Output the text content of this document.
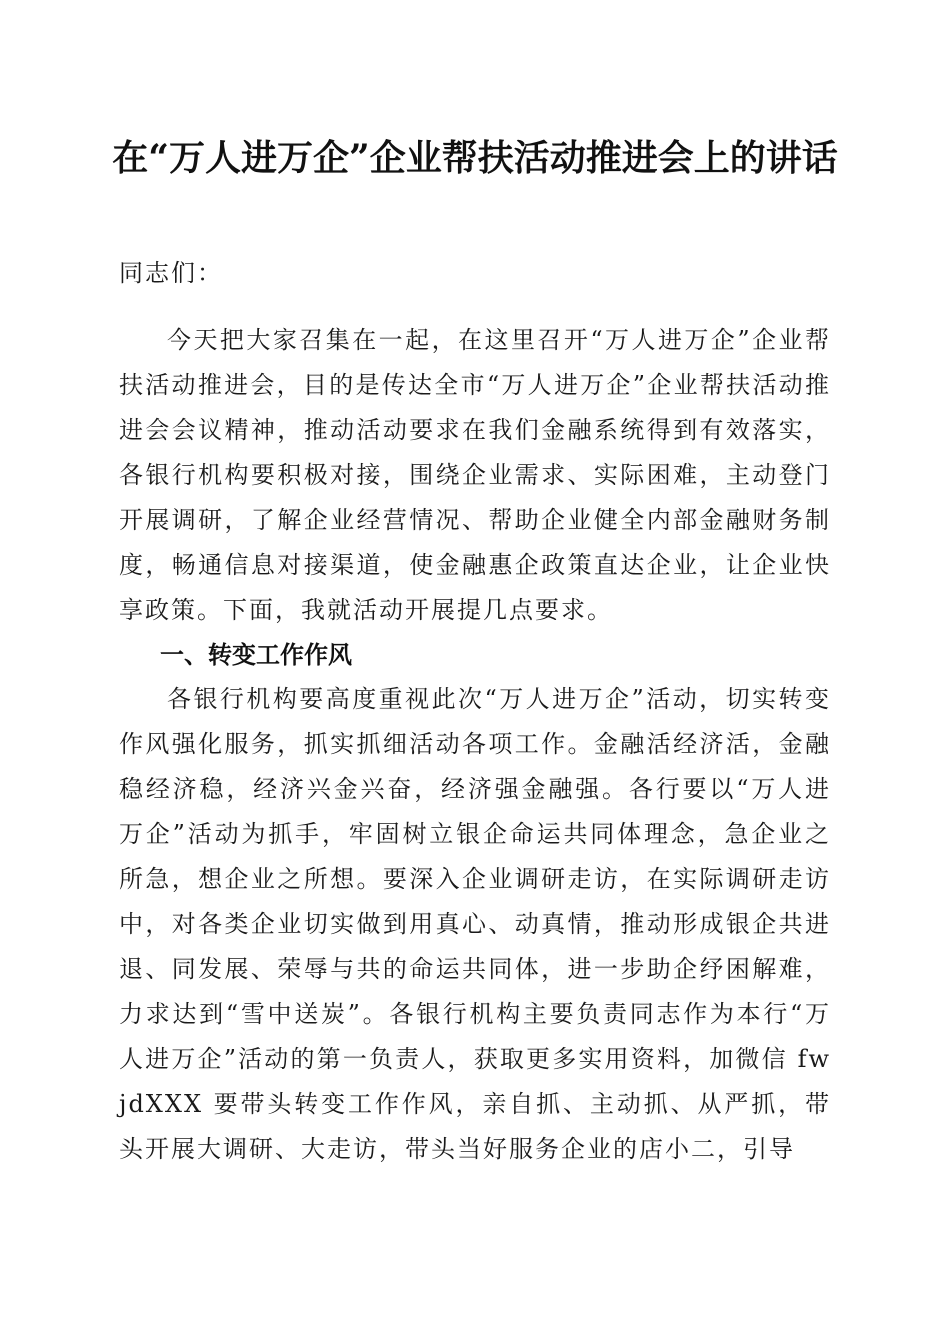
在“万人进万企”企业帮扶活动推进会上的讲话

同志们：

今天把大家召集在一起，在这里召开“万人进万企”企业帮扶活动推进会，目的是传达全市“万人进万企”企业帮扶活动推进会会议精神，推动活动要求在我们金融系统得到有效落实，各银行机构要积极对接，围绕企业需求、实际困难，主动登门开展调研，了解企业经营情况、帮助企业健全内部金融财务制度，畅通信息对接渠道，使金融惠企政策直达企业，让企业快享政策。下面，我就活动开展提几点要求。

一、转变工作作风

各银行机构要高度重视此次“万人进万企”活动，切实转变作风强化服务，抓实抓细活动各项工作。金融活经济活，金融稳经济稳，经济兴金兴奋，经济强金融强。各行要以“万人进万企”活动为抓手，牢固树立银企命运共同体理念，急企业之所急，想企业之所想。要深入企业调研走访，在实际调研走访中，对各类企业切实做到用真心、动真情，推动形成银企共进退、同发展、荣辱与共的命运共同体，进一步助企纾困解难，力求达到“雪中送炭”。各银行机构主要负责同志作为本行“万人进万企”活动的第一负责人，获取更多实用资料，加微信 fwjdXXX 要带头转变工作作风，亲自抓、主动抓、从严抓，带头开展大调研、大走访，带头当好服务企业的店小二，引导
